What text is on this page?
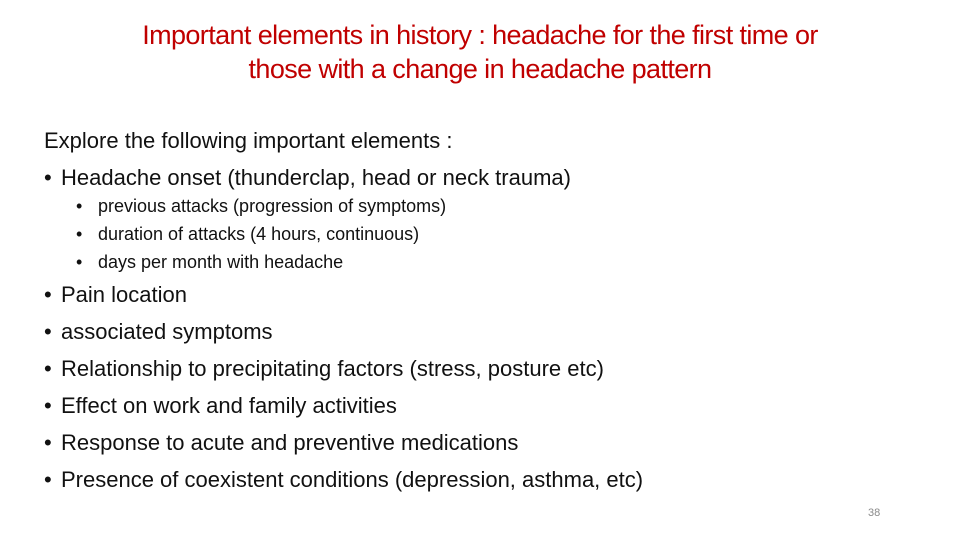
Important elements in history : headache for the first time or
those with a change in headache pattern
Explore the following important elements :
• Headache onset (thunderclap, head or neck trauma)
• previous attacks (progression of symptoms)
• duration of attacks (4 hours, continuous)
• days per month with headache
• Pain location
• associated symptoms
• Relationship to precipitating factors (stress, posture etc)
• Effect on work and family activities
• Response to acute and preventive medications
• Presence of coexistent conditions (depression, asthma, etc)
38
